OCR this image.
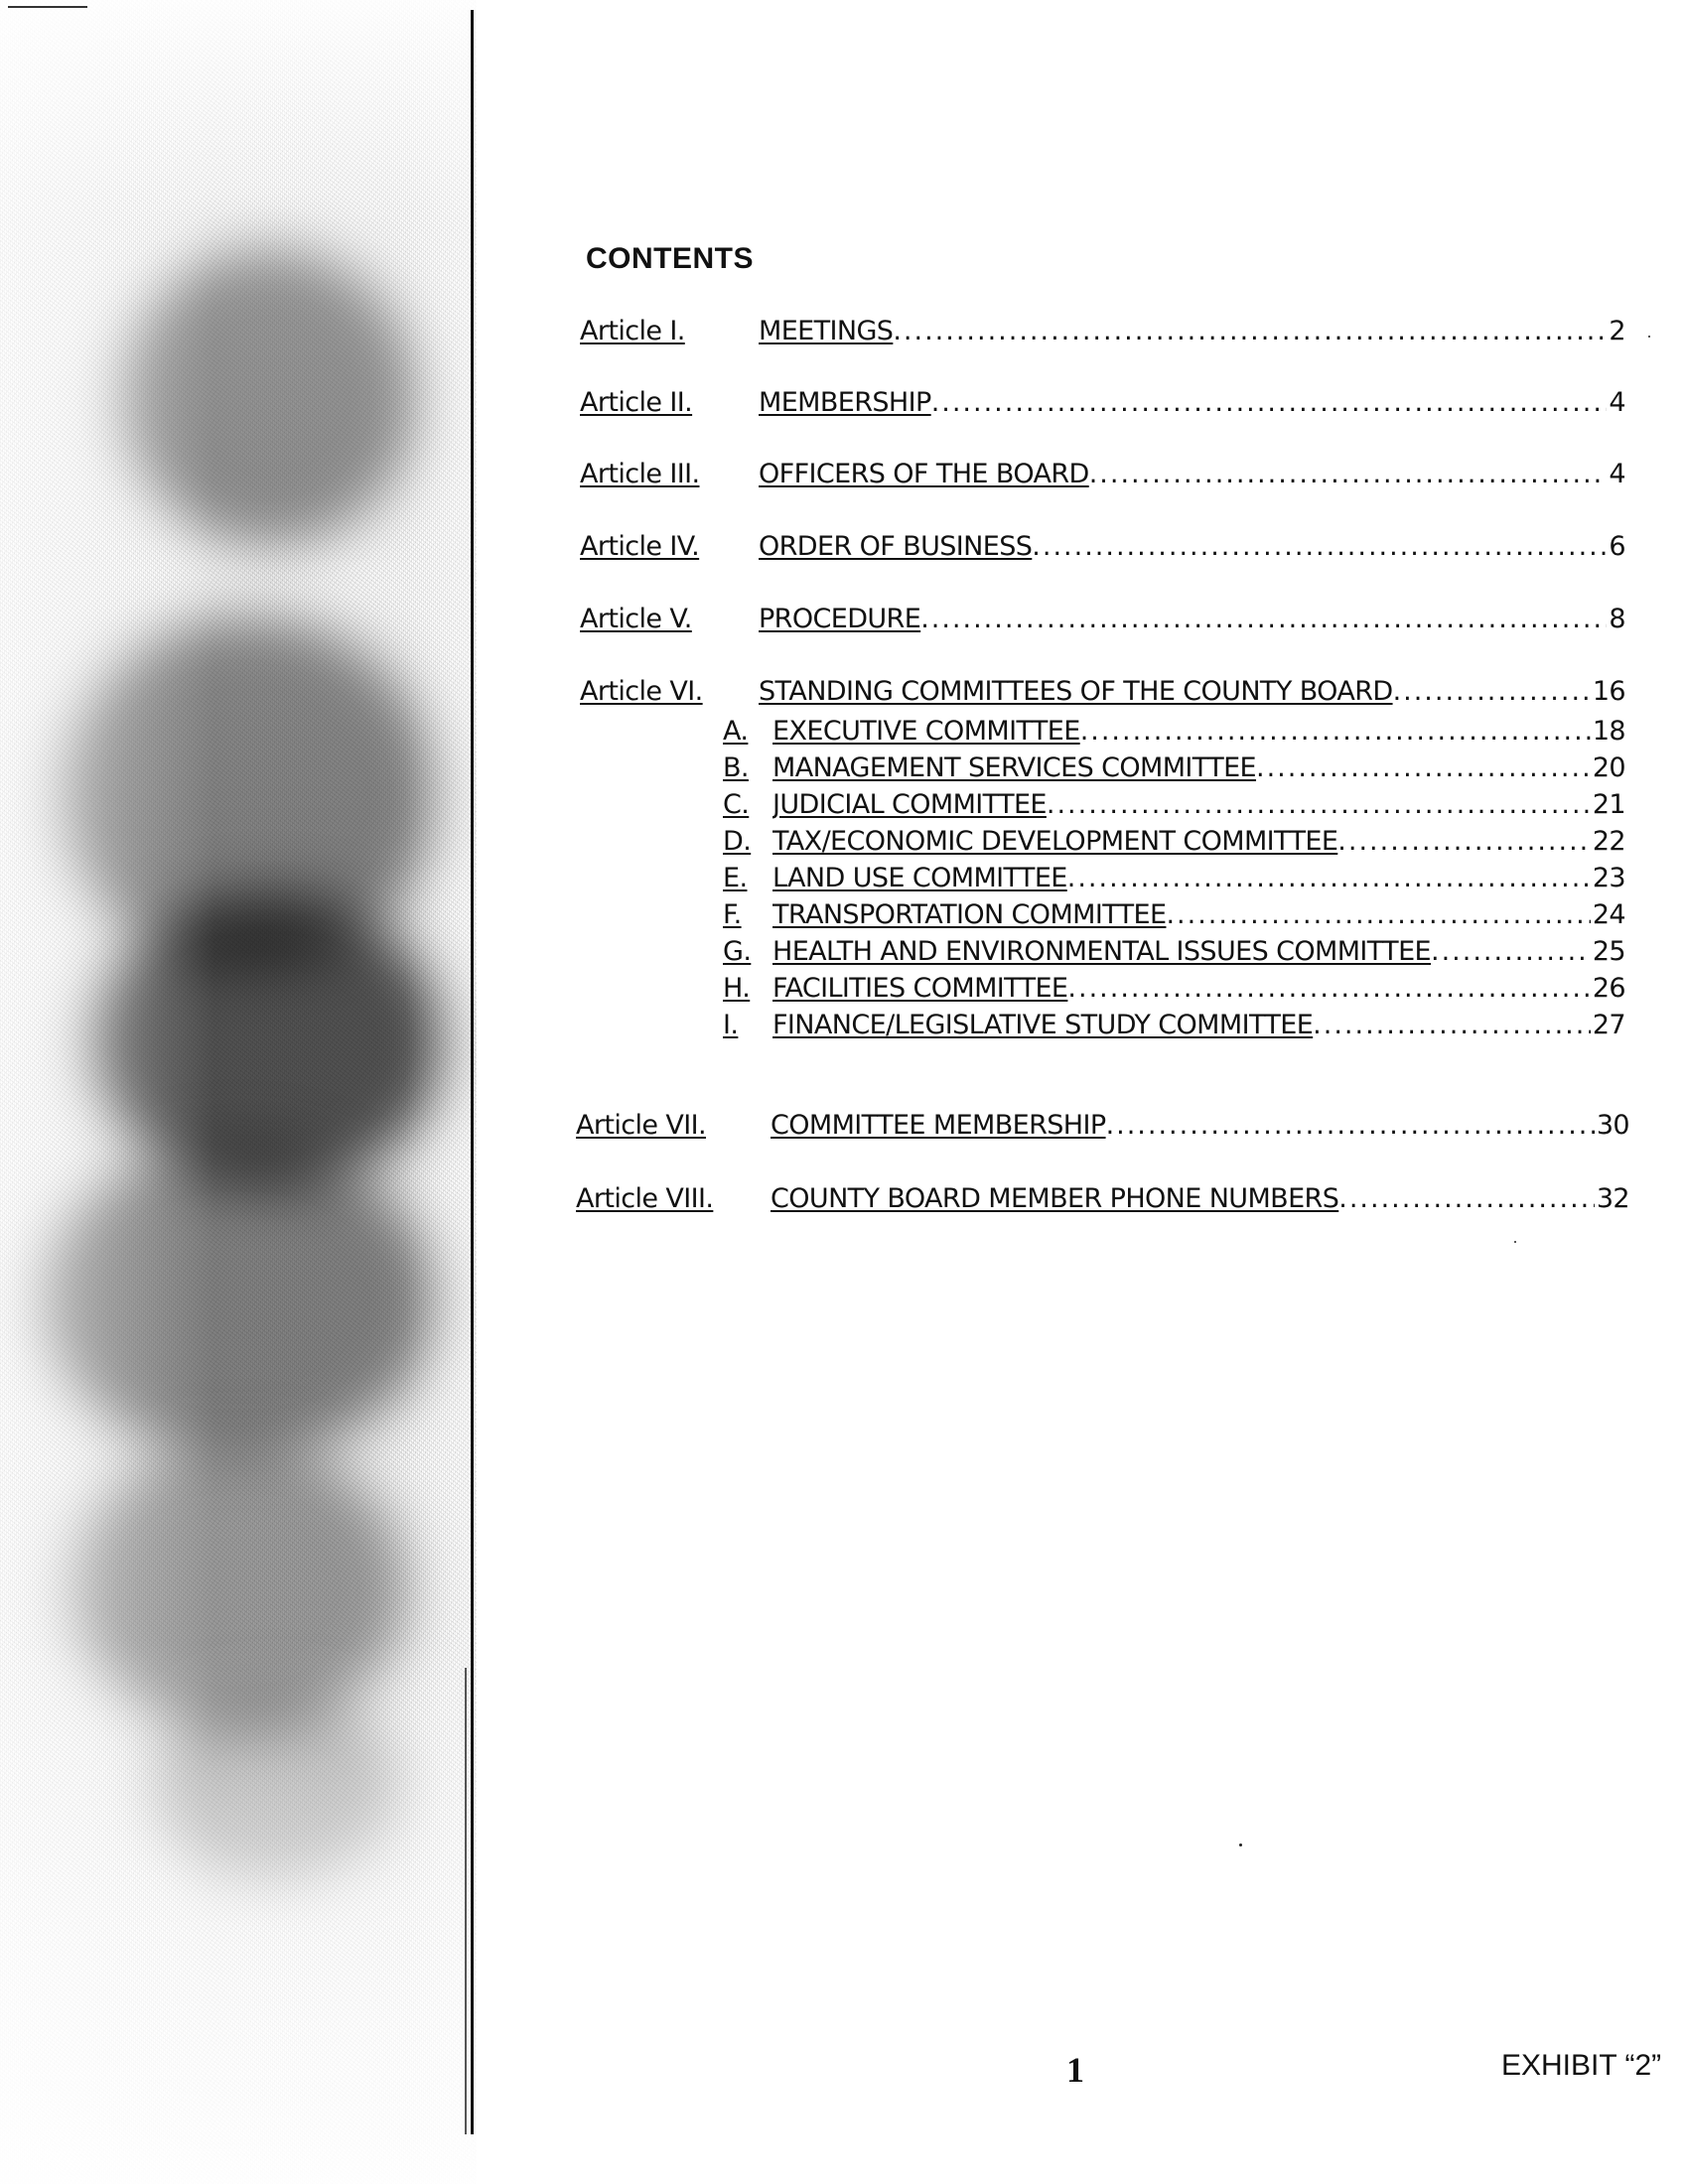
CONTENTS
Article I.	MEETINGS .....	2
Article II. MEMBERSHIP .....	4
Article III. OFFICERS OF THE BOARD .....	4
Article IV. ORDER OF BUSINESS .....	6
Article V. PROCEDURE .....	8
Article VI. STANDING COMMITTEES OF THE COUNTY BOARD .....	16
A. EXECUTIVE COMMITTEE .....	18
B. MANAGEMENT SERVICES COMMITTEE .....	20
C. JUDICIAL COMMITTEE .....	21
D. TAX/ECONOMIC DEVELOPMENT COMMITTEE .....	22
E. LAND USE COMMITTEE .....	23
F. TRANSPORTATION COMMITTEE .....	24
G. HEALTH AND ENVIRONMENTAL ISSUES COMMITTEE .....	25
H. FACILITIES COMMITTEE .....	26
I. FINANCE/LEGISLATIVE STUDY COMMITTEE .....	27
Article VII. COMMITTEE MEMBERSHIP .....	30
Article VIII. COUNTY BOARD MEMBER PHONE NUMBERS .....	32
1	EXHIBIT “2”
